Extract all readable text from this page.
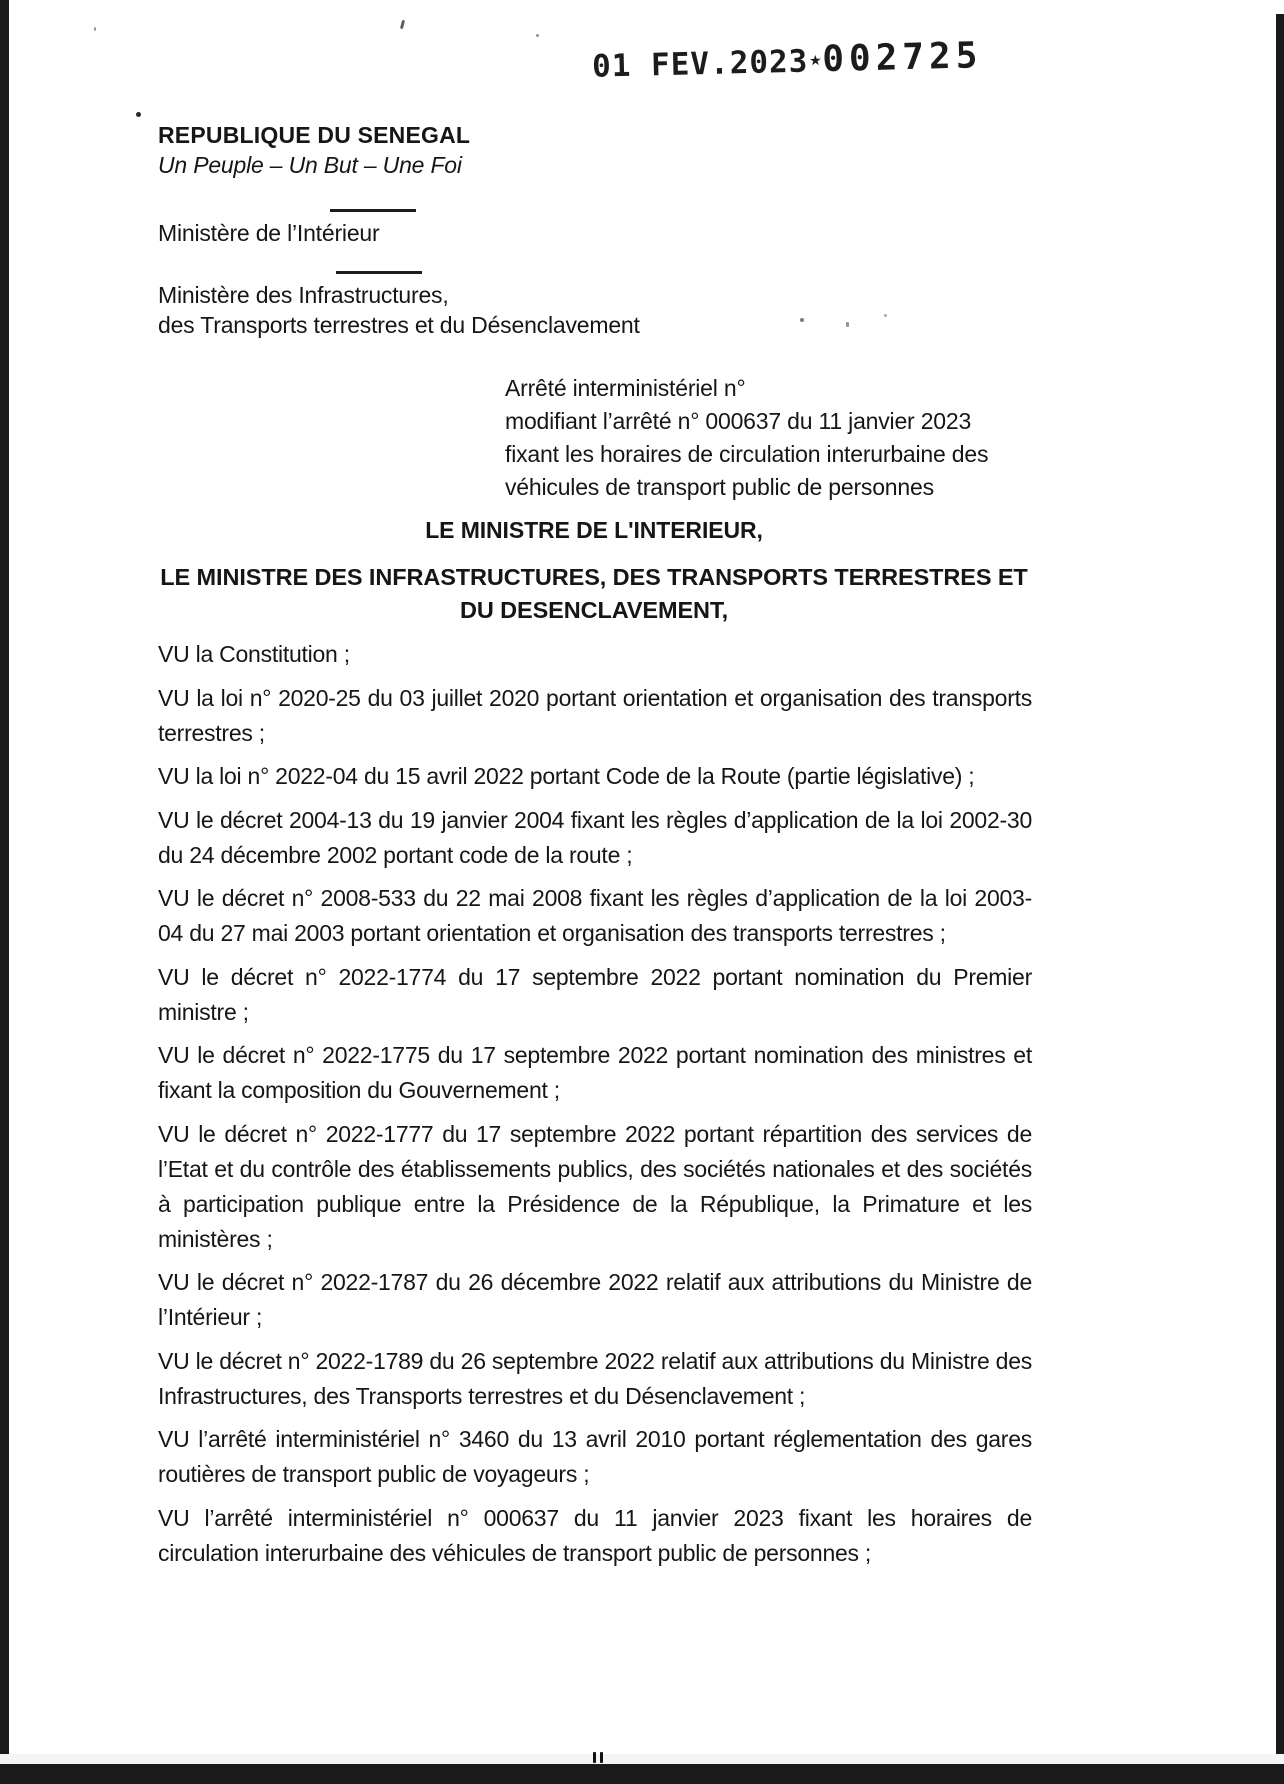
01 FEV.2023★002725
REPUBLIQUE DU SENEGAL
Un Peuple – Un But – Une Foi
Ministère de l’Intérieur
Ministère des Infrastructures,
des Transports terrestres et du Désenclavement
Arrêté interministériel n°
modifiant l’arrêté n° 000637 du 11 janvier 2023
fixant les horaires de circulation interurbaine des
véhicules de transport public de personnes
LE MINISTRE DE L'INTERIEUR,
LE MINISTRE DES INFRASTRUCTURES, DES TRANSPORTS TERRESTRES ET DU DESENCLAVEMENT,

VU la Constitution ;

VU la loi n° 2020-25 du 03 juillet 2020 portant orientation et organisation des transports terrestres ;

VU la loi n° 2022-04 du 15 avril 2022 portant Code de la Route (partie législative) ;

VU le décret 2004-13 du 19 janvier 2004 fixant les règles d’application de la loi 2002-30 du 24 décembre 2002 portant code de la route ;

VU le décret n° 2008-533 du 22 mai 2008 fixant les règles d’application de la loi 2003-04 du 27 mai 2003 portant orientation et organisation des transports terrestres ;

VU le décret n° 2022-1774 du 17 septembre 2022 portant nomination du Premier ministre ;

VU le décret n° 2022-1775 du 17 septembre 2022 portant nomination des ministres et fixant la composition du Gouvernement ;

VU le décret n° 2022-1777 du 17 septembre 2022 portant répartition des services de l’Etat et du contrôle des établissements publics, des sociétés nationales et des sociétés à participation publique entre la Présidence de la République, la Primature et les ministères ;

VU le décret n° 2022-1787 du 26 décembre 2022 relatif aux attributions du Ministre de l’Intérieur ;

VU le décret n° 2022-1789 du 26 septembre 2022 relatif aux attributions du Ministre des Infrastructures, des Transports terrestres et du Désenclavement ;

VU l’arrêté interministériel n° 3460 du 13 avril 2010 portant réglementation des gares routières de transport public de voyageurs ;

VU l’arrêté interministériel n° 000637 du 11 janvier 2023 fixant les horaires de circulation interurbaine des véhicules de transport public de personnes ;
